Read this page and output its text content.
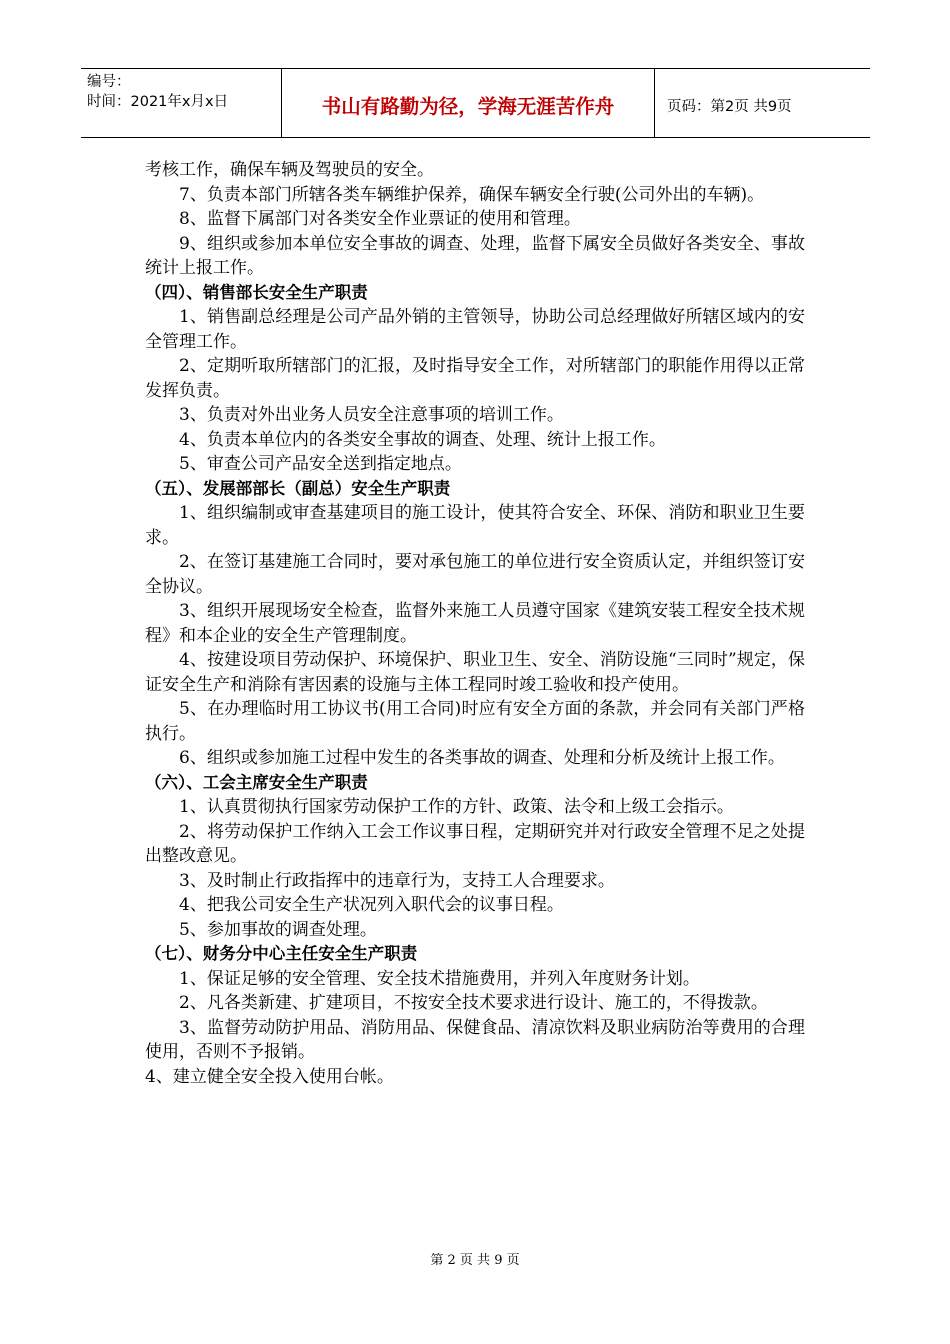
编号：
时间：2021年x月x日	书山有路勤为径，学海无涯苦作舟	页码：第2页 共9页

考核工作，确保车辆及驾驶员的安全。

7、负责本部门所辖各类车辆维护保养，确保车辆安全行驶(公司外出的车辆)。

8、监督下属部门对各类安全作业票证的使用和管理。

9、组织或参加本单位安全事故的调查、处理，监督下属安全员做好各类安全、事故统计上报工作。

（四）、销售部长安全生产职责

1、销售副总经理是公司产品外销的主管领导，协助公司总经理做好所辖区域内的安全管理工作。

2、定期听取所辖部门的汇报，及时指导安全工作，对所辖部门的职能作用得以正常发挥负责。

3、负责对外出业务人员安全注意事项的培训工作。

4、负责本单位内的各类安全事故的调查、处理、统计上报工作。

5、审查公司产品安全送到指定地点。

（五）、发展部部长（副总）安全生产职责

1、组织编制或审查基建项目的施工设计，使其符合安全、环保、消防和职业卫生要求。

2、在签订基建施工合同时，要对承包施工的单位进行安全资质认定，并组织签订安全协议。

3、组织开展现场安全检查，监督外来施工人员遵守国家《建筑安装工程安全技术规程》和本企业的安全生产管理制度。

4、按建设项目劳动保护、环境保护、职业卫生、安全、消防设施“三同时”规定，保证安全生产和消除有害因素的设施与主体工程同时竣工验收和投产使用。

5、在办理临时用工协议书(用工合同)时应有安全方面的条款，并会同有关部门严格执行。

6、组织或参加施工过程中发生的各类事故的调查、处理和分析及统计上报工作。

（六）、工会主席安全生产职责

1、认真贯彻执行国家劳动保护工作的方针、政策、法令和上级工会指示。

2、将劳动保护工作纳入工会工作议事日程，定期研究并对行政安全管理不足之处提出整改意见。

3、及时制止行政指挥中的违章行为，支持工人合理要求。

4、把我公司安全生产状况列入职代会的议事日程。

5、参加事故的调查处理。

（七）、财务分中心主任安全生产职责

1、保证足够的安全管理、安全技术措施费用，并列入年度财务计划。

2、凡各类新建、扩建项目，不按安全技术要求进行设计、施工的，不得拨款。

3、监督劳动防护用品、消防用品、保健食品、清凉饮料及职业病防治等费用的合理使用，否则不予报销。

4、建立健全安全投入使用台帐。

第 2 页 共 9 页
